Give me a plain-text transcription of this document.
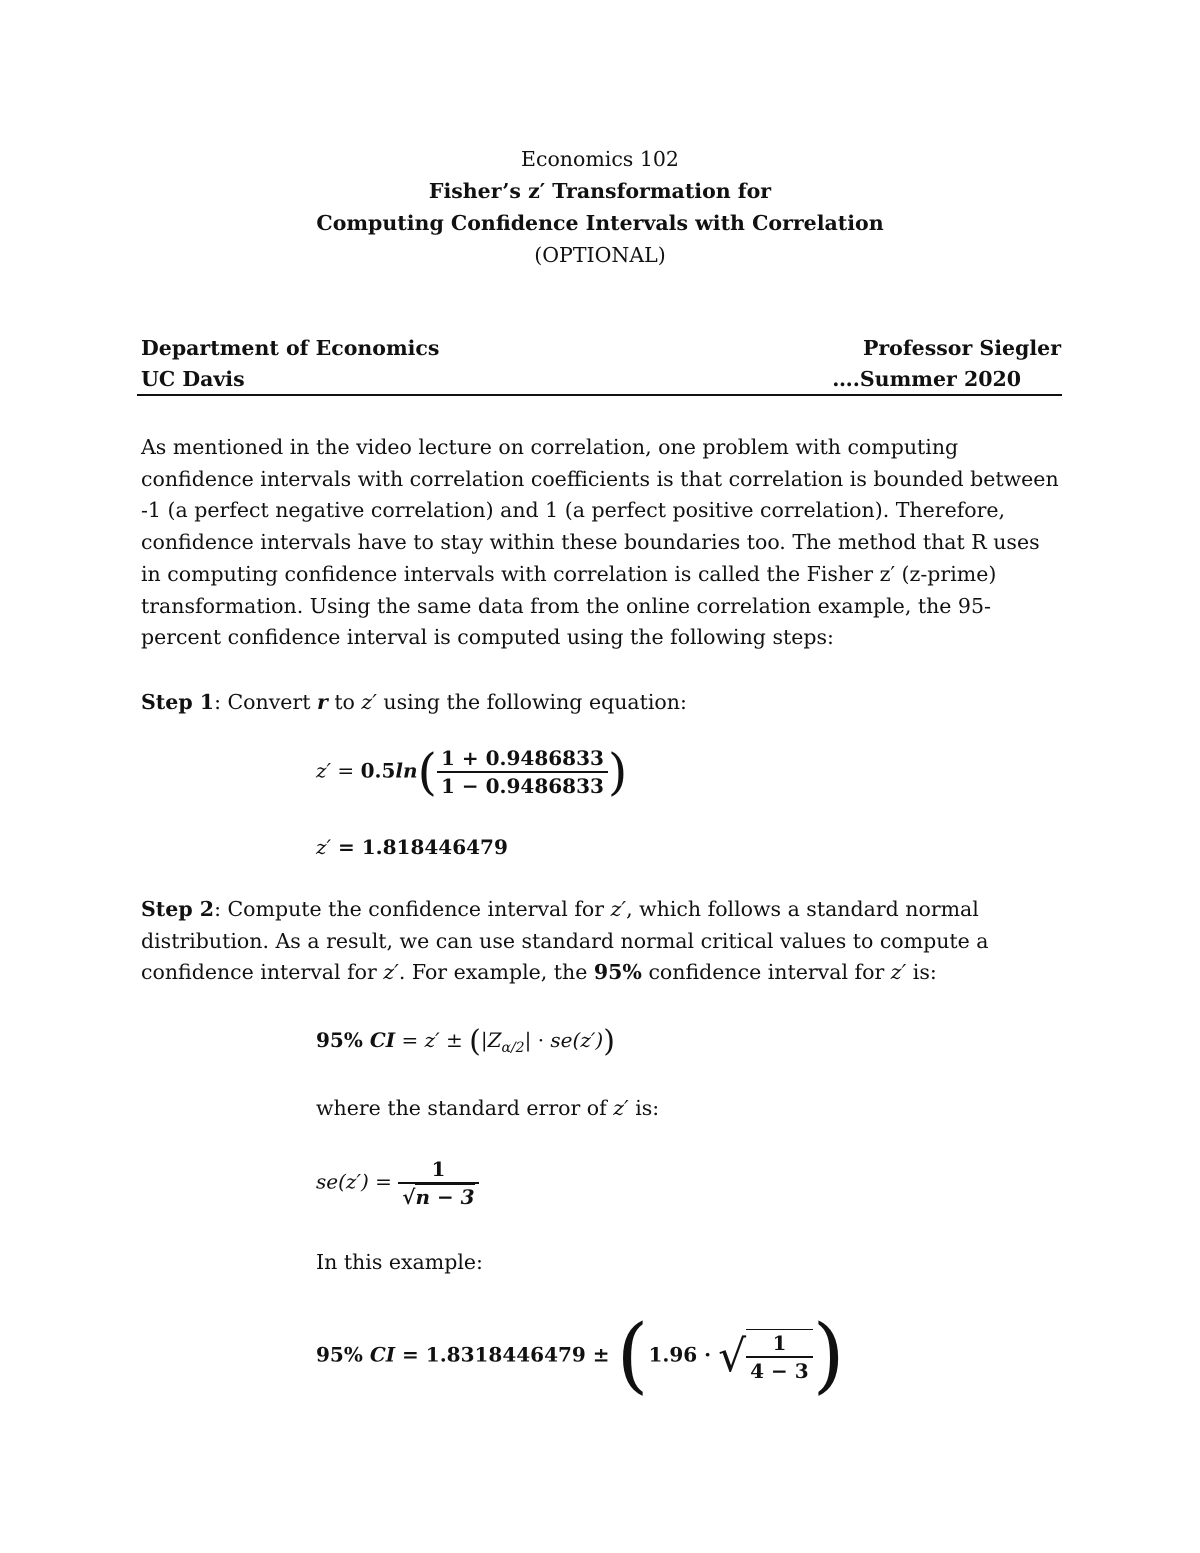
Economics 102
Fisher’s z′ Transformation for
Computing Confidence Intervals with Correlation
(OPTIONAL)
Department of Economics	Professor Siegler
UC Davis	….Summer 2020
As mentioned in the video lecture on correlation, one problem with computing
confidence intervals with correlation coefficients is that correlation is bounded between
-1 (a perfect negative correlation) and 1 (a perfect positive correlation). Therefore,
confidence intervals have to stay within these boundaries too. The method that R uses
in computing confidence intervals with correlation is called the Fisher z′ (z-prime)
transformation. Using the same data from the online correlation example, the 95-
percent confidence interval is computed using the following steps:
Step 1: Convert r to z′ using the following equation:
$z' = 0.5\ln( \frac{1 + 0.9486833}{1 - 0.9486833}$ )
z′ = 1.818446479
Step 2: Compute the confidence interval for z′, which follows a standard normal
distribution. As a result, we can use standard normal critical values to compute a
confidence interval for z′. For example, the 95% confidence interval for z′ is:
95% CI = $z' \pm (|Z_{\alpha/2}| \cdot se(z'))$
where the standard error of z′ is:
$se(z') = \frac{1}{√n - 3}$
In this example:
95% CI = 1.8318446479 ± (1.96 · √ $\frac{1}{4 - 3}$ )
